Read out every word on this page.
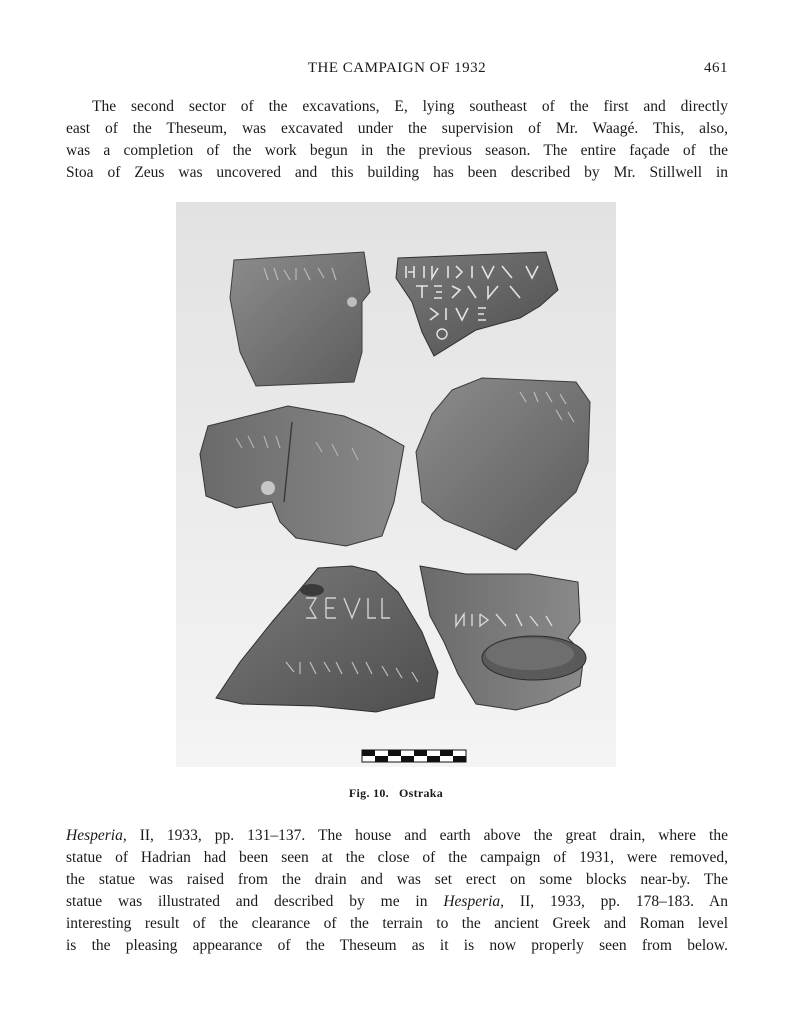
THE CAMPAIGN OF 1932	461
The second sector of the excavations, E, lying southeast of the first and directly
east of the Theseum, was excavated under the supervision of Mr. Waagé. This, also,
was a completion of the work begun in the previous season. The entire façade of the
Stoa of Zeus was uncovered and this building has been described by Mr. Stillwell in
Fig. 10. Ostraka
Hesperia, II, 1933, pp. 131–137. The house and earth above the great drain, where the
statue of Hadrian had been seen at the close of the campaign of 1931, were removed,
the statue was raised from the drain and was set erect on some blocks near-by. The
statue was illustrated and described by me in Hesperia, II, 1933, pp. 178–183. An
interesting result of the clearance of the terrain to the ancient Greek and Roman level
is the pleasing appearance of the Theseum as it is now properly seen from below.
